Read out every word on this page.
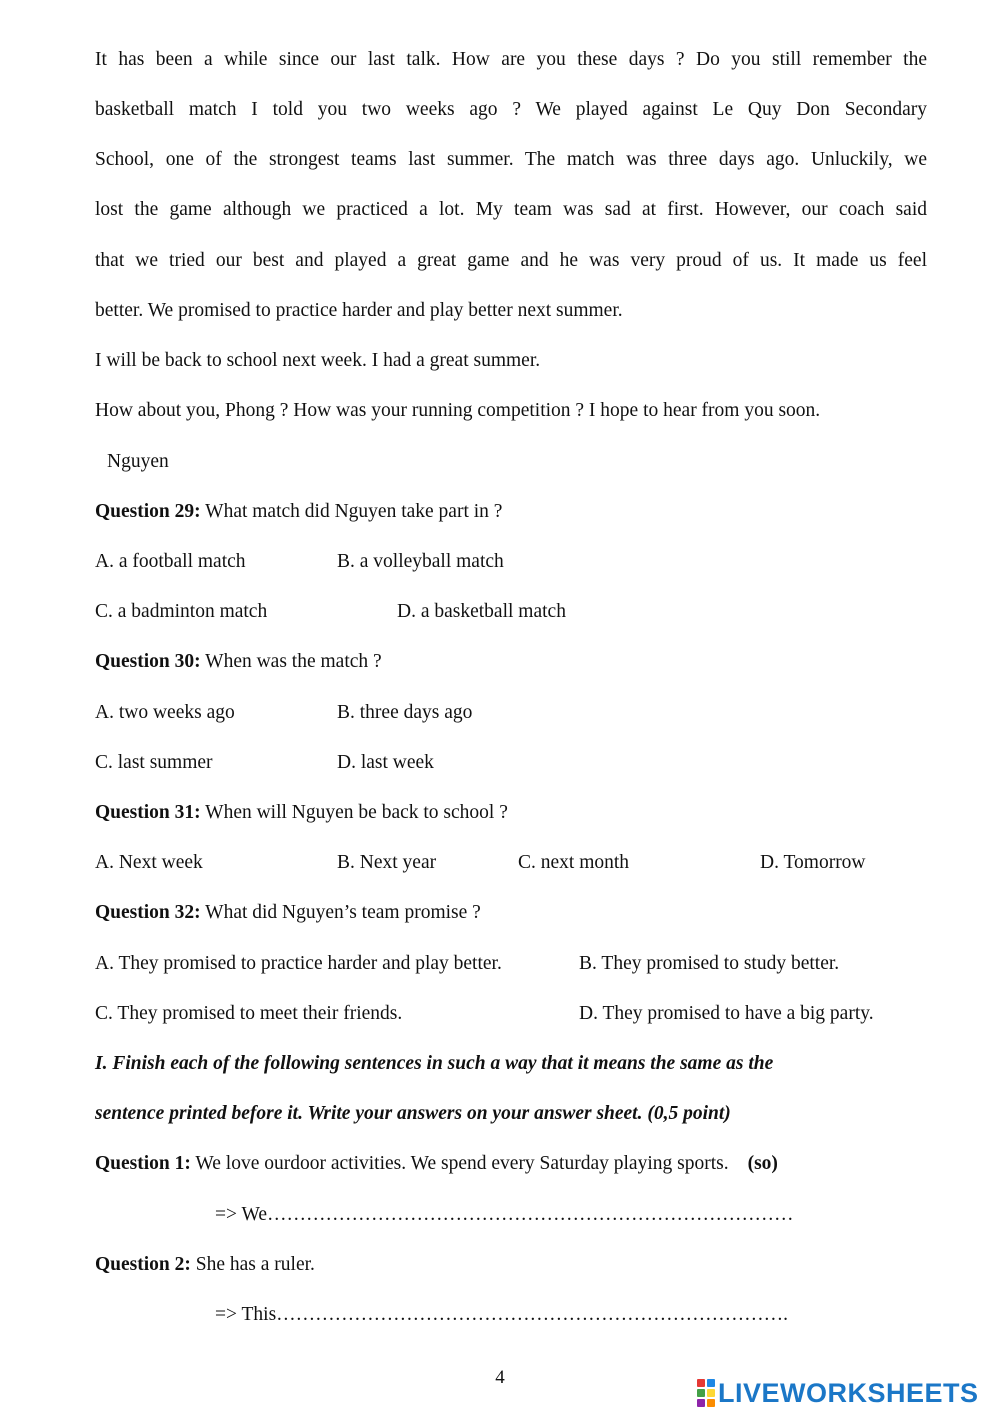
It has been a while since our last talk. How are you these days ? Do you still remember the
basketball match I told you two weeks ago ? We played against Le Quy Don Secondary
School, one of the strongest teams last summer. The match was three days ago. Unluckily, we
lost the game although we practiced a lot. My team was sad at first. However, our coach said
that we tried our best and played a great game and he was very proud of us. It made us feel
better. We promised to practice harder and play better next summer.
I will be back to school next week. I had a great summer.
How about you, Phong ? How was your running competition ? I hope to hear from you soon.
Nguyen
Question 29: What match did Nguyen take part in ?
A. a football match	B. a volleyball match
C. a badminton match	D. a basketball match
Question 30: When was the match ?
A. two weeks ago	B. three days ago
C. last summer	D. last week
Question 31: When will Nguyen be back to school ?
A. Next week	B. Next year	C. next month	D. Tomorrow
Question 32: What did Nguyen’s team promise ?
A. They promised to practice harder and play better.	B. They promised to study better.
C. They promised to meet their friends.	D. They promised to have a big party.
I. Finish each of the following sentences in such a way that it means the same as the
sentence printed before it. Write your answers on your answer sheet. (0,5 point)
Question 1: We love ourdoor activities. We spend every Saturday playing sports. (so)
=> We………………………………………………………………………
Question 2: She has a ruler.
=> This…………………………………………………………………….
4
LIVEWORKSHEETS
